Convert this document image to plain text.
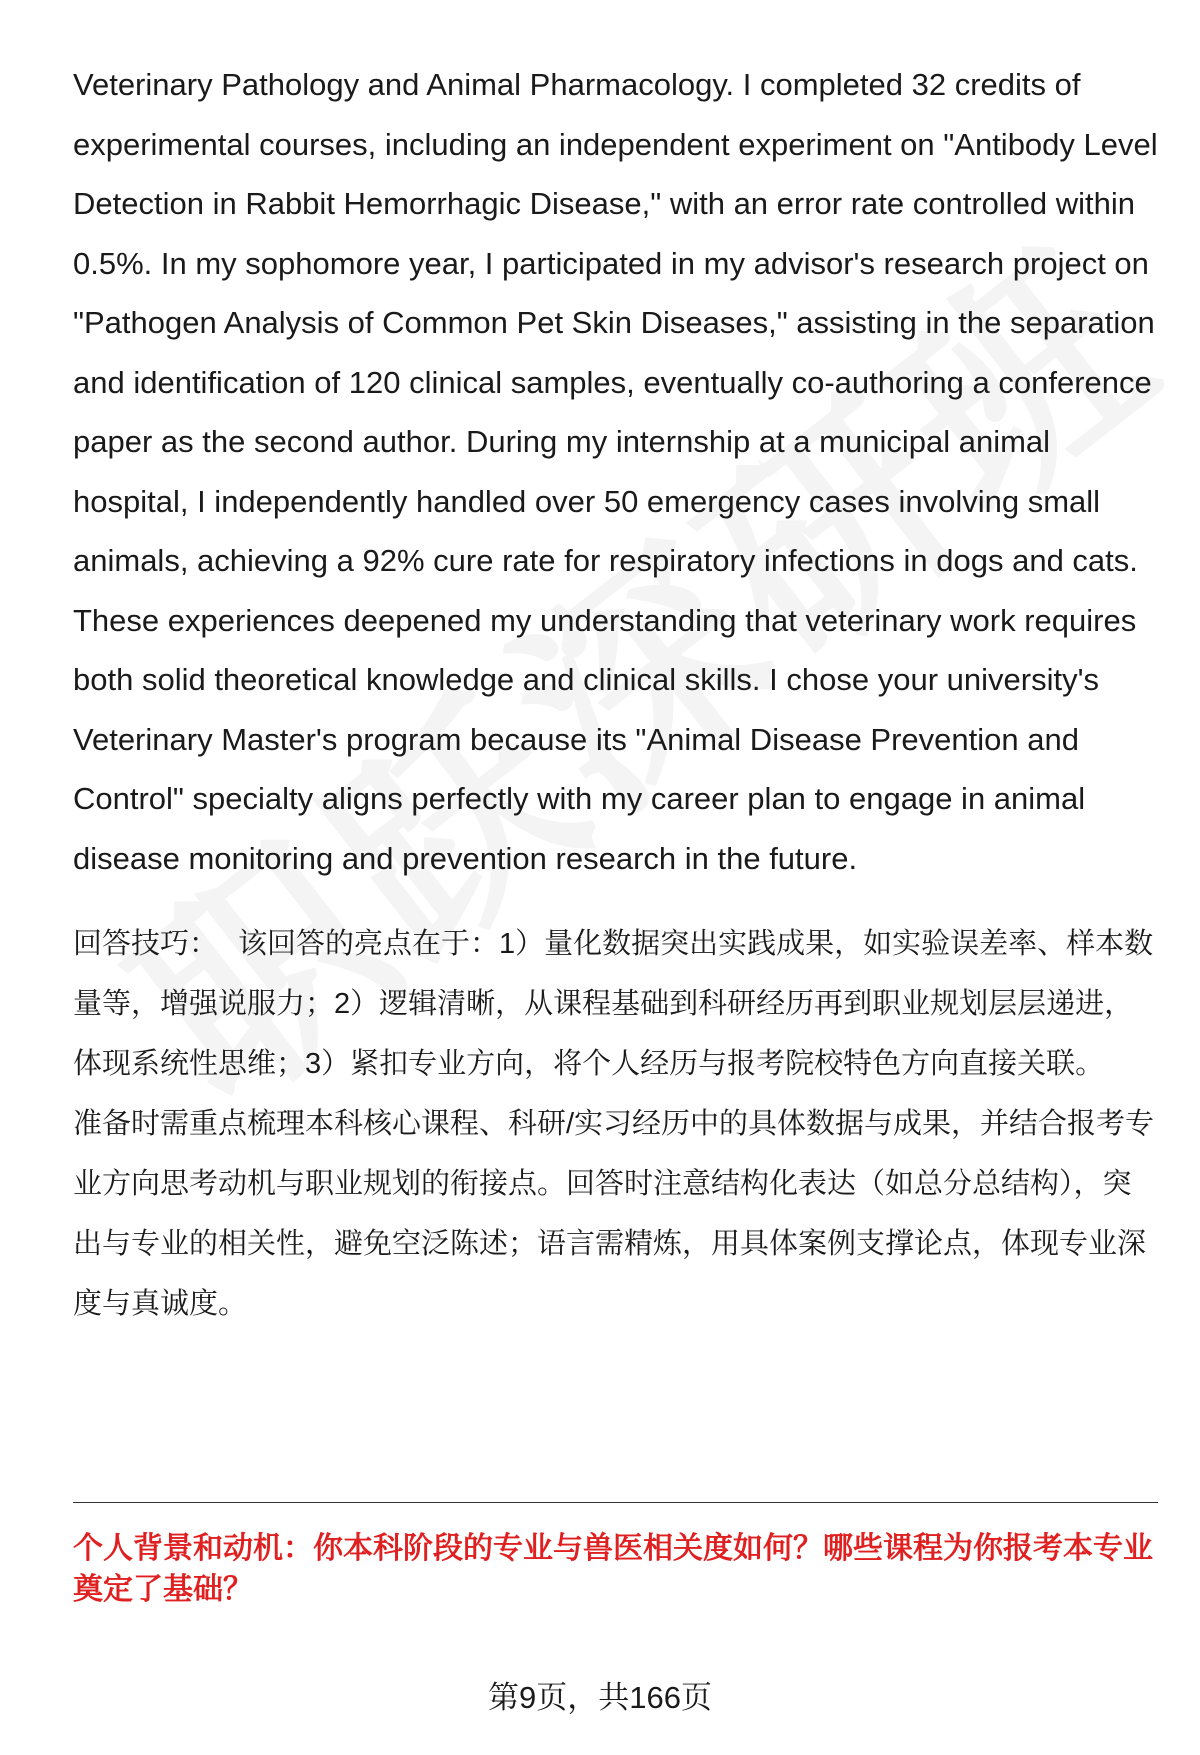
Veterinary Pathology and Animal Pharmacology. I completed 32 credits of experimental courses, including an independent experiment on "Antibody Level Detection in Rabbit Hemorrhagic Disease," with an error rate controlled within 0.5%. In my sophomore year, I participated in my advisor's research project on "Pathogen Analysis of Common Pet Skin Diseases," assisting in the separation and identification of 120 clinical samples, eventually co-authoring a conference paper as the second author. During my internship at a municipal animal hospital, I independently handled over 50 emergency cases involving small animals, achieving a 92% cure rate for respiratory infections in dogs and cats. These experiences deepened my understanding that veterinary work requires both solid theoretical knowledge and clinical skills. I chose your university's Veterinary Master's program because its "Animal Disease Prevention and Control" specialty aligns perfectly with my career plan to engage in animal disease monitoring and prevention research in the future.

回答技巧： 该回答的亮点在于：1）量化数据突出实践成果，如实验误差率、样本数量等，增强说服力；2）逻辑清晰，从课程基础到科研经历再到职业规划层层递进，体现系统性思维；3）紧扣专业方向，将个人经历与报考院校特色方向直接关联。
准备时需重点梳理本科核心课程、科研/实习经历中的具体数据与成果，并结合报考专业方向思考动机与职业规划的衔接点。回答时注意结构化表达（如总分总结构），突出与专业的相关性，避免空泛陈述；语言需精炼，用具体案例支撑论点，体现专业深度与真诚度。
个人背景和动机：你本科阶段的专业与兽医相关度如何？哪些课程为你报考本专业奠定了基础？
第9页，共166页
